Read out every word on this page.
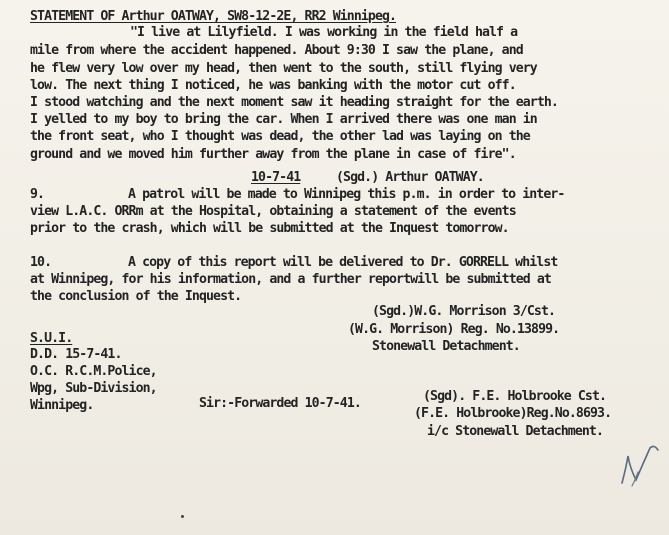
STATEMENT OF Arthur OATWAY, SW8-12-2E, RR2 Winnipeg.
"I live at Lilyfield. I was working in the field half a
mile from where the accident happened. About 9:30 I saw the plane, and
he flew very low over my head, then went to the south, still flying very
low. The next thing I noticed, he was banking with the motor cut off.
I stood watching and the next moment saw it heading straight for the earth.
I yelled to my boy to bring the car. When I arrived there was one man in
the front seat, who I thought was dead, the other lad was laying on the
ground and we moved him further away from the plane in case of fire".
10-7-41	(Sgd.) Arthur OATWAY.
9.	A patrol will be made to Winnipeg this p.m. in order to inter-
view L.A.C. ORRm at the Hospital, obtaining a statement of the events
prior to the crash, which will be submitted at the Inquest tomorrow.
10.	A copy of this report will be delivered to Dr. GORRELL whilst
at Winnipeg, for his information, and a further reportwill be submitted at
the conclusion of the Inquest.
(Sgd.)W.G. Morrison 3/Cst.
(W.G. Morrison) Reg. No.13899.
Stonewall Detachment.
S.U.I.
D.D. 15-7-41.
O.C. R.C.M.Police,
Wpg, Sub-Division,
Winnipeg.	Sir:-Forwarded 10-7-41.	(Sgd). F.E. Holbrooke Cst.
(F.E. Holbrooke)Reg.No.8693.
i/c Stonewall Detachment.
